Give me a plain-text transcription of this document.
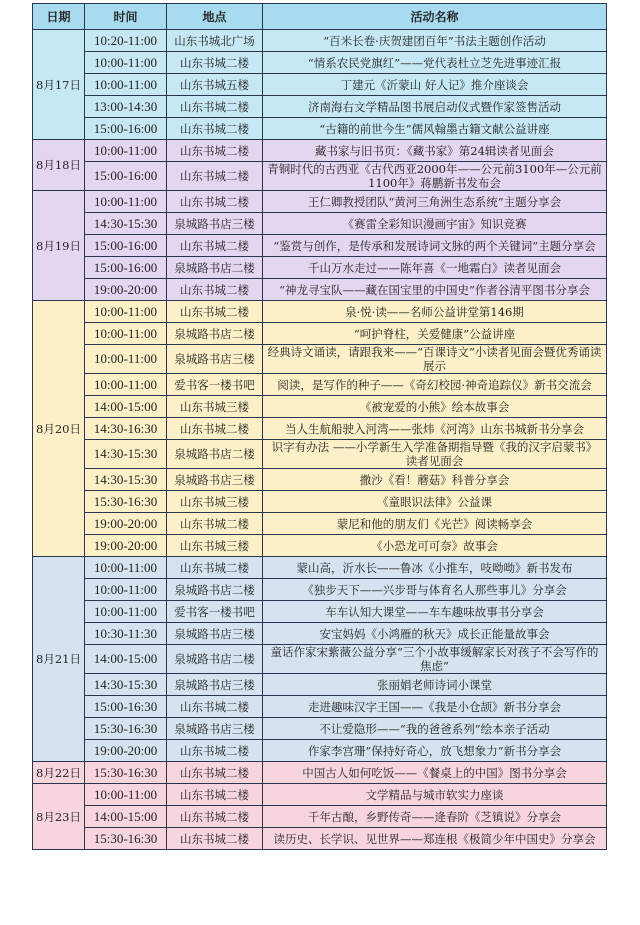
日期	时间	地点	活动名称
8月17日	10:20-11:00	山东书城北广场	“百米长卷·庆贺建团百年”书法主题创作活动
	10:00-11:00	山东书城二楼	“情系农民党旗红”——党代表杜立芝先进事迹汇报
	10:00-11:00	山东书城五楼	丁建元《沂蒙山 好人记》推介座谈会
	13:00-14:30	山东书城二楼	济南海右文学精品图书展启动仪式暨作家签售活动
	15:00-16:00	山东书城二楼	“古籍的前世今生”儒风翰墨古籍文献公益讲座
8月18日	10:00-11:00	山东书城二楼	藏书家与旧书页：《藏书家》第24辑读者见面会
	15:00-16:00	山东书城二楼	青铜时代的古西亚《古代西亚2000年——公元前3100年—公元前1100年》蒋鹏新书发布会
8月19日	10:00-11:00	山东书城二楼	王仁卿教授团队“黄河三角洲生态系统”主题分享会
	14:30-15:30	泉城路书店三楼	《赛雷全彩知识漫画宇宙》知识竞赛
	15:00-16:00	山东书城二楼	“鉴赏与创作，是传承和发展诗词文脉的两个关键词”主题分享会
	15:00-16:00	泉城路书店二楼	千山万水走过——陈年喜《一地霜白》读者见面会
	19:00-20:00	山东书城二楼	“神龙寻宝队——藏在国宝里的中国史”作者谷清平图书分享会
8月20日	10:00-11:00	山东书城二楼	泉·悦·读——名师公益讲堂第146期
	10:00-11:00	泉城路书店二楼	“呵护脊柱，关爱健康”公益讲座
	10:00-11:00	泉城路书店三楼	经典诗文诵读，请跟我来——“百课诗文”小读者见面会暨优秀诵读展示
	10:00-11:00	爱书客一楼书吧	阅读，是写作的种子——《奇幻校园·神奇追踪仪》新书交流会
	14:00-15:00	山东书城三楼	《被宠爱的小熊》绘本故事会
	14:30-16:30	山东书城二楼	当人生航船驶入河湾——张炜《河湾》山东书城新书分享会
	14:30-15:30	泉城路书店二楼	识字有办法 ——小学新生入学准备期指导暨《我的汉字启蒙书》读者见面会
	14:30-15:30	泉城路书店三楼	撒沙《看！蘑菇》科普分享会
	15:30-16:30	山东书城三楼	《童眼识法律》公益课
	19:00-20:00	山东书城二楼	蒙尼和他的朋友们《光芒》阅读畅享会
	19:00-20:00	山东书城三楼	《小恐龙可可奈》故事会
8月21日	10:00-11:00	山东书城二楼	蒙山高，沂水长——鲁冰《小推车，吱呦呦》新书发布
	10:00-11:00	泉城路书店二楼	《独步天下——兴步哥与体育名人那些事儿》分享会
	10:00-11:00	爱书客一楼书吧	车车认知大课堂——车车趣味故事书分享会
	10:30-11:30	泉城路书店三楼	安宝妈妈《小鸿雁的秋天》成长正能量故事会
	14:00-15:00	泉城路书店二楼	童话作家宋紫薇公益分享“三个小故事缓解家长对孩子不会写作的焦虑”
	14:30-15:30	泉城路书店三楼	张丽娟老师诗词小课堂
	15:00-16:30	山东书城二楼	走进趣味汉字王国——《我是小仓颉》新书分享会
	15:30-16:30	泉城路书店三楼	不让爱隐形——“我的爸爸系列”绘本亲子活动
	19:00-20:00	山东书城二楼	作家李宫珊“保持好奇心，放飞想象力”新书分享会
8月22日	15:30-16:30	山东书城二楼	中国古人如何吃饭——《餐桌上的中国》图书分享会
8月23日	10:00-11:00	山东书城二楼	文学精品与城市软实力座谈
	14:00-15:00	山东书城二楼	千年古酿，乡野传奇——逄春阶《芝镇说》分享会
	15:30-16:30	山东书城二楼	读历史、长学识、见世界——郑连根《极简少年中国史》分享会
